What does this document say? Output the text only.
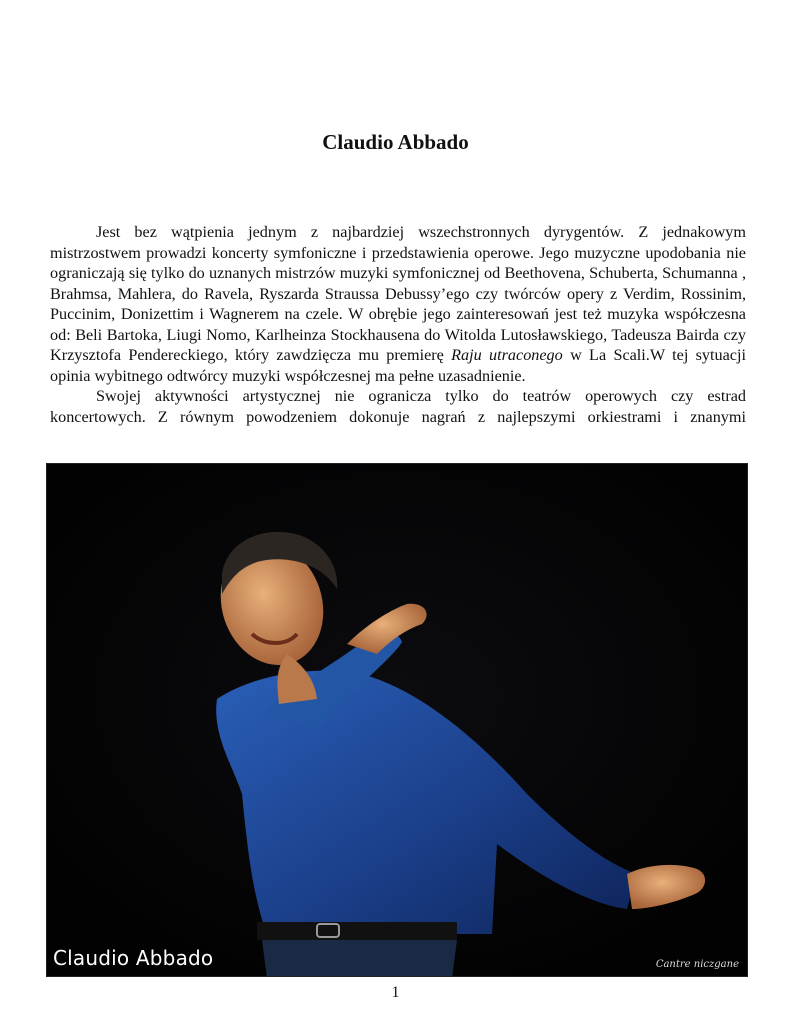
Claudio Abbado

Jest bez wątpienia jednym z najbardziej wszechstronnych dyrygentów. Z jednakowym mistrzostwem prowadzi koncerty symfoniczne i przedstawienia operowe. Jego muzyczne upodobania nie ograniczają się tylko do uznanych mistrzów muzyki symfonicznej od Beethovena, Schuberta, Schumanna , Brahmsa, Mahlera, do Ravela, Ryszarda Straussa Debussy’ego czy twórców opery z Verdim, Rossinim, Puccinim, Donizettim i Wagnerem na czele. W obrębie jego zainteresowań jest też muzyka współczesna od: Beli Bartoka, Liugi Nomo, Karlheinza Stockhausena do Witolda Lutosławskiego, Tadeusza Bairda czy Krzysztofa Pendereckiego, który zawdzięcza mu premierę Raju utraconego w La Scali.W tej sytuacji opinia wybitnego odtwórcy muzyki współczesnej ma pełne uzasadnienie.

Swojej aktywności artystycznej nie ogranicza tylko do teatrów operowych czy estrad koncertowych. Z równym powodzeniem dokonuje nagrań z najlepszymi orkiestrami i znanymi

Claudio Abbado	Cantre niczgane
1
